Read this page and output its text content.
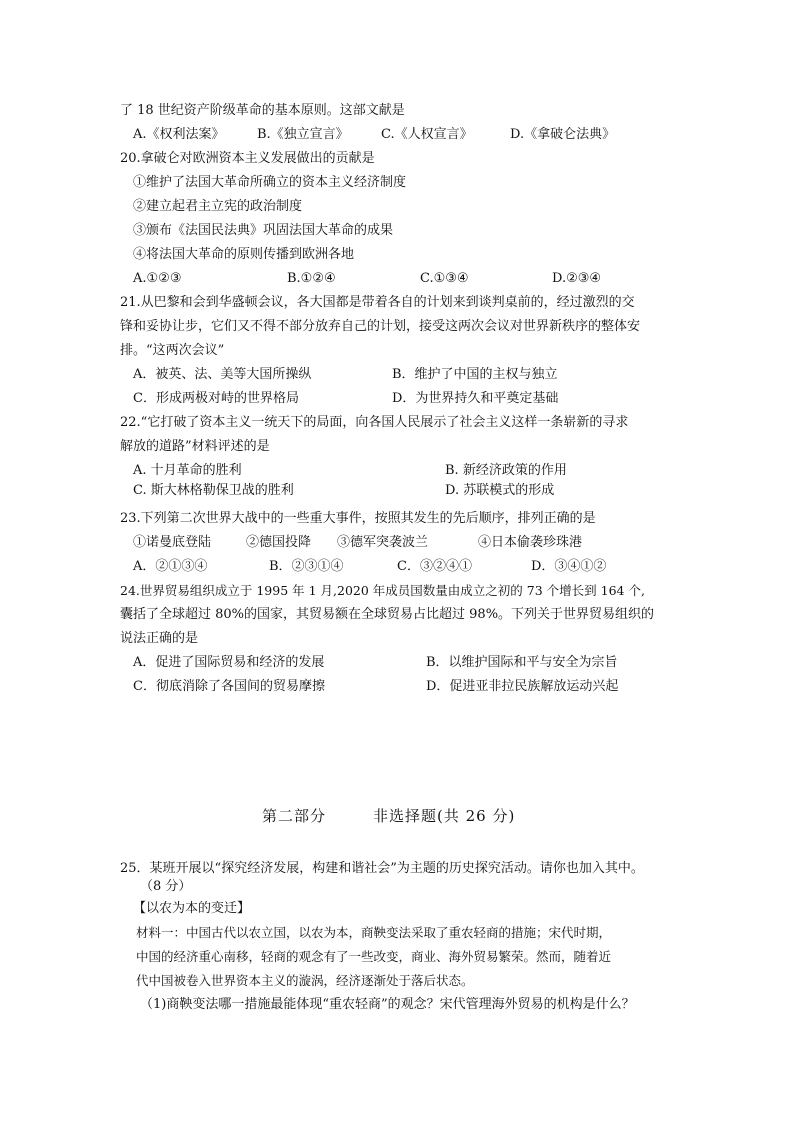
了 18 世纪资产阶级革命的基本原则。这部文献是
A.《权利法案》 B.《独立宣言》 C.《人权宣言》	D.《拿破仑法典》
20.拿破仑对欧洲资本主义发展做出的贡献是
①维护了法国大革命所确立的资本主义经济制度
②建立起君主立宪的政治制度
③颁布《法国民法典》巩固法国大革命的成果
④将法国大革命的原则传播到欧洲各地
A.①②③	B.①②④	C.①③④	D.②③④
21.从巴黎和会到华盛顿会议，各大国都是带着各自的计划来到谈判桌前的，经过激烈的交
锋和妥协让步，它们又不得不部分放弃自己的计划，接受这两次会议对世界新秩序的整体安
排。“这两次会议”
A．被英、法、美等大国所操纵	B．维护了中国的主权与独立
C．形成两极对峙的世界格局	D．为世界持久和平奠定基础
22.“它打破了资本主义一统天下的局面，向各国人民展示了社会主义这样一条崭新的寻求
解放的道路”材料评述的是
A. 十月革命的胜利	B. 新经济政策的作用
C. 斯大林格勒保卫战的胜利	D. 苏联模式的形成
23.下列第二次世界大战中的一些重大事件，按照其发生的先后顺序，排列正确的是
①诺曼底登陆	②德国投降 ③德军突袭波兰	④日本偷袭珍珠港
A．②①③④	B．②③①④	C．③②④①	D．③④①②
24.世界贸易组织成立于 1995 年 1 月,2020 年成员国数量由成立之初的 73 个增长到 164 个,
囊括了全球超过 80%的国家，其贸易额在全球贸易占比超过 98%。下列关于世界贸易组织的
说法正确的是
A．促进了国际贸易和经济的发展	B．以维护国际和平与安全为宗旨
C．彻底消除了各国间的贸易摩擦	D．促进亚非拉民族解放运动兴起
第二部分	非选择题(共 26 分)
25．某班开展以“探究经济发展，构建和谐社会”为主题的历史探究活动。请你也加入其中。
（8 分）
【以农为本的变迁】
材料一：中国古代以农立国，以农为本，商鞅变法采取了重农轻商的措施；宋代时期，
中国的经济重心南移，轻商的观念有了一些改变，商业、海外贸易繁荣。然而，随着近
代中国被卷入世界资本主义的漩涡，经济逐渐处于落后状态。
（1)商鞅变法哪一措施最能体现“重农轻商”的观念？宋代管理海外贸易的机构是什么？
